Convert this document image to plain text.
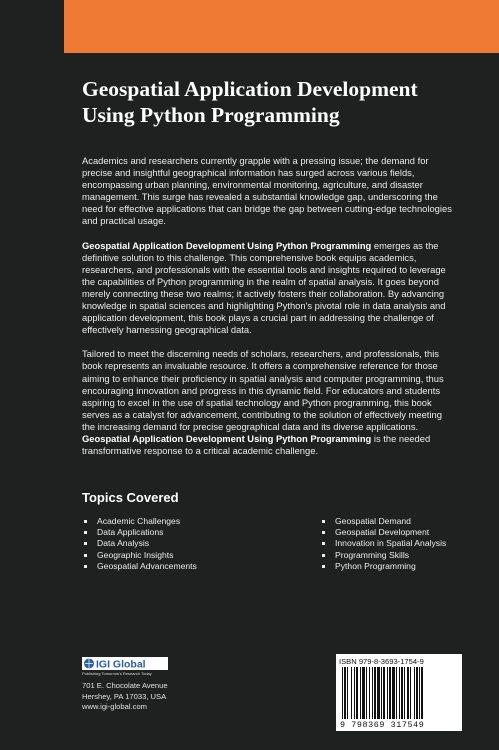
Geospatial Application Development
Using Python Programming

Academics and researchers currently grapple with a pressing issue; the demand for precise and insightful geographical information has surged across various fields, encompassing urban planning, environmental monitoring, agriculture, and disaster management. This surge has revealed a substantial knowledge gap, underscoring the need for effective applications that can bridge the gap between cutting-edge technologies and practical usage.

Geospatial Application Development Using Python Programming emerges as the definitive solution to this challenge. This comprehensive book equips academics, researchers, and professionals with the essential tools and insights required to leverage the capabilities of Python programming in the realm of spatial analysis. It goes beyond merely connecting these two realms; it actively fosters their collaboration. By advancing knowledge in spatial sciences and highlighting Python's pivotal role in data analysis and application development, this book plays a crucial part in addressing the challenge of effectively harnessing geographical data.

Tailored to meet the discerning needs of scholars, researchers, and professionals, this book represents an invaluable resource. It offers a comprehensive reference for those aiming to enhance their proficiency in spatial analysis and computer programming, thus encouraging innovation and progress in this dynamic field. For educators and students aspiring to excel in the use of spatial technology and Python programming, this book serves as a catalyst for advancement, contributing to the solution of effectively meeting the increasing demand for precise geographical data and its diverse applications. Geospatial Application Development Using Python Programming is the needed transformative response to a critical academic challenge.

Topics Covered
Academic Challenges
Data Applications
Data Analysis
Geographic Insights
Geospatial Advancements
Geospatial Demand
Geospatial Development
Innovation in Spatial Analysis
Programming Skills
Python Programming
IGI Global
Publishing Tomorrow's Research Today
701 E. Chocolate Avenue
Hershey, PA 17033, USA
www.igi-global.com
ISBN 979-8-3693-1754-9
9 798369 317549
